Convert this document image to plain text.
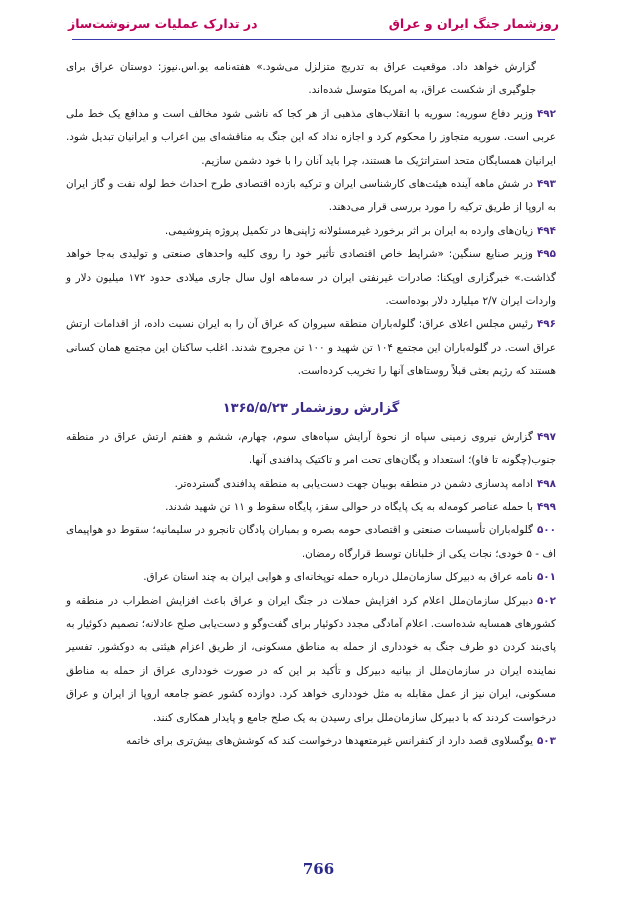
روزشمار جنگ ایران و عراق
در تدارک عملیات سرنوشت‌ساز

گزارش خواهد داد. موقعیت عراق به تدریج متزلزل می‌شود.» هفته‌نامه یو.اس.نیوز: دوستان عراق برای جلوگیری از شکست عراق، به امریکا متوسل شده‌اند.

۴۹۲وزیر دفاع سوریه: سوریه با انقلاب‌های مذهبی از هر کجا که ناشی شود مخالف است و مدافع یک خط ملی عربی است. سوریه متجاوز را محکوم کرد و اجازه نداد که این جنگ به مناقشه‌ای بین اعراب و ایرانیان تبدیل شود. ایرانیان همسایگان متحد استراتژیک ما هستند، چرا باید آنان را با خود دشمن سازیم.

۴۹۳در شش ماهه آینده هیئت‌های کارشناسی ایران و ترکیه بازده اقتصادی طرح احداث خط لوله نفت و گاز ایران به اروپا از طریق ترکیه را مورد بررسی قرار می‌دهند.

۴۹۴زیان‌های وارده به ایران بر اثر برخورد غیرمسئولانه ژاپنی‌ها در تکمیل پروژه پتروشیمی.

۴۹۵وزیر صنایع سنگین: «شرایط خاص اقتصادی تأثیر خود را روی کلیه واحدهای صنعتی و تولیدی به‌جا خواهد گذاشت.» خبرگزاری اوپکنا: صادرات غیرنفتی ایران در سه‌ماهه اول سال جاری میلادی حدود ۱۷۲ میلیون دلار و واردات ایران ۲/۷ میلیارد دلار بوده‌است.

۴۹۶رئیس مجلس اعلای عراق: گلوله‌باران منطقه سیروان که عراق آن را به ایران نسبت داده، از اقدامات ارتش عراق است. در گلوله‌باران این مجتمع ۱۰۴ تن شهید و ۱۰۰ تن مجروح شدند. اغلب ساکنان این مجتمع همان کسانی هستند که رژیم بعثی قبلاً روستاهای آنها را تخریب کرده‌است.

گزارش روزشمار ۱۳۶۵/۵/۲۳

۴۹۷گزارش نیروی زمینی سپاه از نحوهٔ آرایش سپاه‌های سوم، چهارم، ششم و هفتم ارتش عراق در منطقه جنوب(چگونه تا فاو)؛ استعداد و یگان‌های تحت امر و تاکتیک پدافندی آنها.

۴۹۸ادامه پدسازی دشمن در منطقه بوبیان جهت دست‌یابی به منطقه پدافندی گسترده‌تر.

۴۹۹با حمله عناصر کومه‌له به یک پایگاه در حوالی سقز، پایگاه سقوط و ۱۱ تن شهید شدند.

۵۰۰گلوله‌باران تأسیسات صنعتی و اقتصادی حومه بصره و بمباران پادگان تانجرو در سلیمانیه؛ سقوط دو هواپیمای اف - ۵ خودی؛ نجات یکی از خلبانان توسط قرارگاه رمضان.

۵۰۱نامه عراق به دبیرکل سازمان‌ملل درباره حمله توپخانه‌ای و هوایی ایران به چند استان عراق.

۵۰۲دبیرکل سازمان‌ملل اعلام کرد افزایش حملات در جنگ ایران و عراق باعث افزایش اضطراب در منطقه و کشورهای همسایه شده‌است. اعلام آمادگی مجدد دکوئیار برای گفت‌وگو و دست‌یابی صلح عادلانه؛ تصمیم دکوئیار به پای‌بند کردن دو طرف جنگ به خودداری از حمله به مناطق مسکونی، از طریق اعزام هیئتی به دوکشور. تفسیر نماینده ایران در سازمان‌ملل از بیانیه دبیرکل و تأکید بر این که در صورت خودداری عراق از حمله به مناطق مسکونی، ایران نیز از عمل مقابله به مثل خودداری خواهد کرد. دوازده کشور عضو جامعه اروپا از ایران و عراق درخواست کردند که با دبیرکل سازمان‌ملل برای رسیدن به یک صلح جامع و پایدار همکاری کنند.

۵۰۳یوگسلاوی قصد دارد از کنفرانس غیرمتعهدها درخواست کند که کوشش‌های بیش‌تری برای خاتمه

766
